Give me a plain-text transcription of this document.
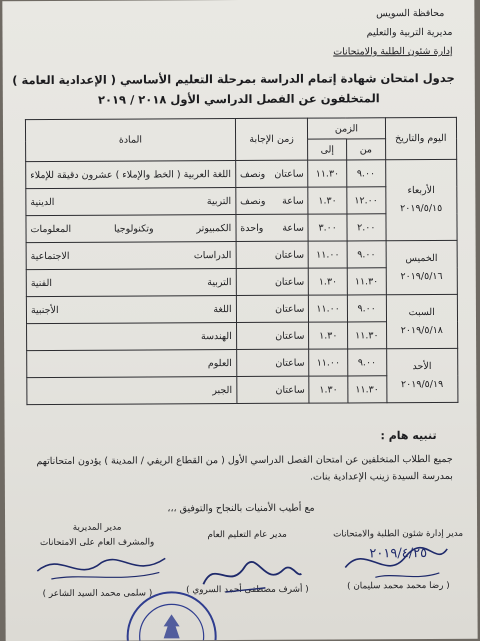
محافظة السويس
مديرية التربية والتعليم
إدارة شئون الطلبة والامتحانات
جدول امتحان شهادة إتمام الدراسة بمرحلة التعليم الأساسي ( الإعدادية العامة )
المتخلفون عن الفصل الدراسي الأول ٢٠١٨ / ٢٠١٩
اليوم والتاريخ	الزمن		زمن الإجابة	المادة
	من	إلى		

الأربعاء
٢٠١٩/٥/١٥	٩.٠٠	١١.٣٠	ساعتان ونصف	اللغة العربية ( الخط والإملاء ) عشرون دقيقة للإملاء
	١٢.٠٠	١.٣٠	ساعة ونصف	التربية الدينية
	٢.٠٠	٣.٠٠	ساعة واحدة	الكمبيوتر وتكنولوجيا المعلومات

الخميس
٢٠١٩/٥/١٦	٩.٠٠	١١.٠٠	ساعتان	الدراسات الاجتماعية
	١١.٣٠	١.٣٠	ساعتان	التربية الفنية

السبت
٢٠١٩/٥/١٨	٩.٠٠	١١.٠٠	ساعتان	اللغة الأجنبية
	١١.٣٠	١.٣٠	ساعتان	الهندسة

الأحد
٢٠١٩/٥/١٩	٩.٠٠	١١.٠٠	ساعتان	العلوم
	١١.٣٠	١.٣٠	ساعتان	الجبر
تنبيه هام :
جميع الطلاب المتخلفين عن امتحان الفصل الدراسي الأول ( من القطاع الريفي / المدينة ) يؤدون امتحاناتهم بمدرسة السيدة زينب الإعدادية بنات.
مع أطيب الأمنيات بالنجاح والتوفيق ،،،
مدير إدارة شئون الطلبة والامتحانات
٢٠١٩/٤/٢٥
( رضا محمد محمد سليمان )
مدير عام التعليم العام
( أشرف مصطفى أحمد السروي )
مدير المديرية
والمشرف العام على الامتحانات
( سلمى محمد السيد الشاعر )
